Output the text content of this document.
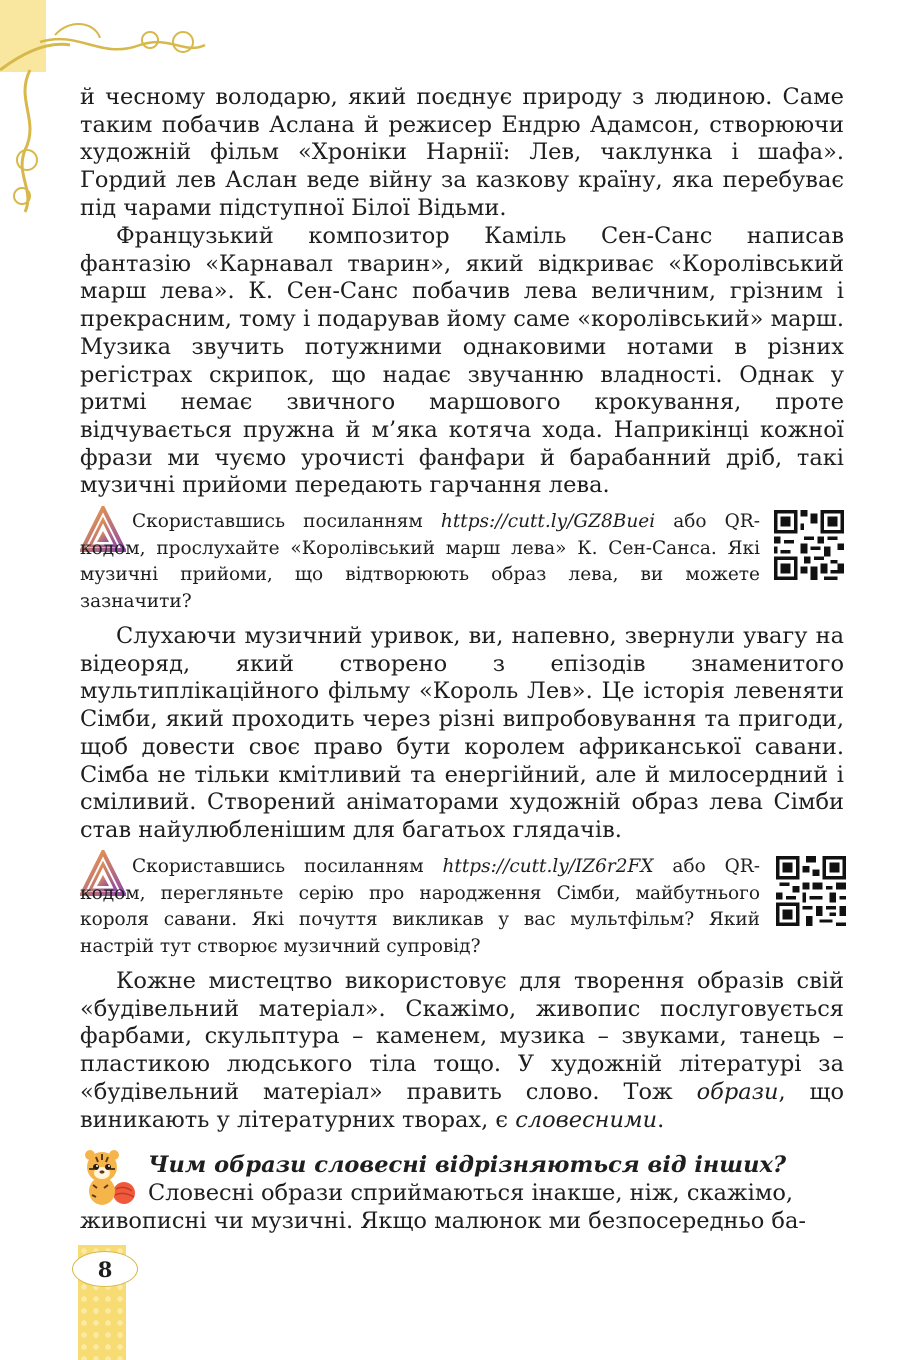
й чесному володарю, який поєднує природу з людиною. Саме таким побачив Аслана й режисер Ендрю Адамсон, створюючи художній фільм «Хроніки Нарнії: Лев, чаклунка і шафа». Гордий лев Аслан веде війну за казкову країну, яка перебуває під чарами підступної Білої Відьми.

Французький композитор Каміль Сен-Санс написав фантазію «Карнавал тварин», який відкриває «Королівський марш лева». К. Сен-Санс побачив лева величним, грізним і прекрасним, тому і подарував йому саме «королівський» марш. Музика звучить потужними однаковими нотами в різних регістрах скрипок, що надає звучанню владності. Однак у ритмі немає звичного маршового крокування, проте відчувається пружна й м’яка котяча хода. Наприкінці кожної фрази ми чуємо урочисті фанфари й барабанний дріб, такі музичні прийоми передають гарчання лева.

Скориставшись посиланням https://cutt.ly/GZ8Buei або QR-кодом, прослухайте «Королівський марш лева» К. Сен-Санса. Які музичні прийоми, що відтворюють образ лева, ви можете зазначити?

Слухаючи музичний уривок, ви, напевно, звернули увагу на відеоряд, який створено з епізодів знаменитого мультиплікаційного фільму «Король Лев». Це історія левеняти Сімби, який проходить через різні випробовування та пригоди, щоб довести своє право бути королем африканської савани. Сімба не тільки кмітливий та енергійний, але й милосердний і сміливий. Створений аніматорами художній образ лева Сімби став найулюбленішим для багатьох глядачів.

Скориставшись посиланням https://cutt.ly/IZ6r2FX або QR-кодом, перегляньте серію про народження Сімби, майбутнього короля савани. Які почуття викликав у вас мультфільм? Який настрій тут створює музичний супровід?

Кожне мистецтво використовує для творення образів свій «будівельний матеріал». Скажімо, живопис послуговується фарбами, скульптура – каменем, музика – звуками, танець – пластикою людського тіла тощо. У художній літературі за «будівельний матеріал» править слово. Тож образи, що виникають у літературних творах, є словесними.

Чим образи словесні відрізняються від інших?

Словесні образи сприймаються інакше, ніж, скажімо,
живописні чи музичні. Якщо малюнок ми безпосередньо ба-

8
